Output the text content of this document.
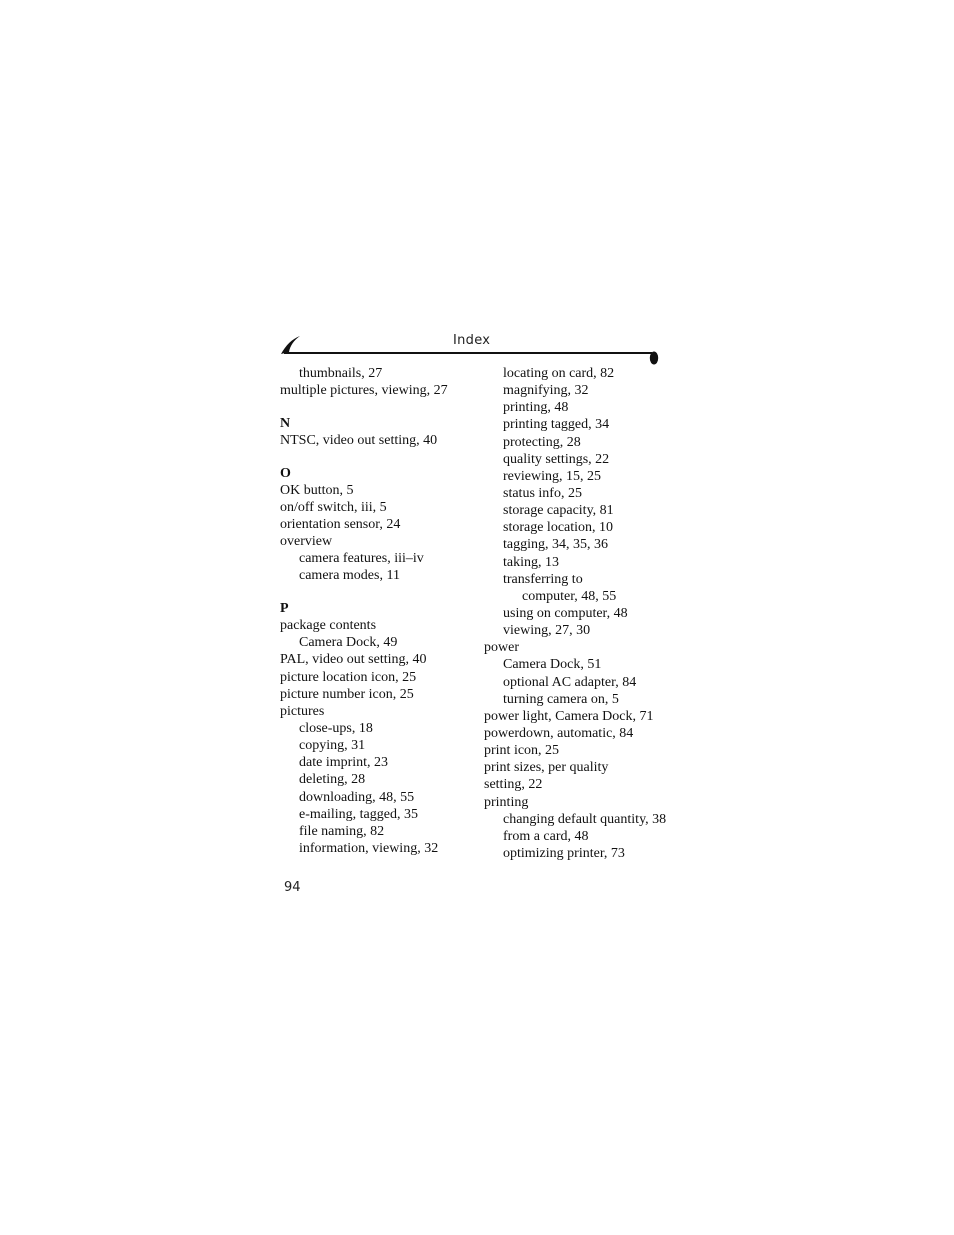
Index
thumbnails, 27
multiple pictures, viewing, 27
N
NTSC, video out setting, 40
O
OK button, 5
on/off switch, iii, 5
orientation sensor, 24
overview
camera features, iii–iv
camera modes, 11
P
package contents
Camera Dock, 49
PAL, video out setting, 40
picture location icon, 25
picture number icon, 25
pictures
close-ups, 18
copying, 31
date imprint, 23
deleting, 28
downloading, 48, 55
e-mailing, tagged, 35
file naming, 82
information, viewing, 32
locating on card, 82
magnifying, 32
printing, 48
printing tagged, 34
protecting, 28
quality settings, 22
reviewing, 15, 25
status info, 25
storage capacity, 81
storage location, 10
tagging, 34, 35, 36
taking, 13
transferring to
computer, 48, 55
using on computer, 48
viewing, 27, 30
power
Camera Dock, 51
optional AC adapter, 84
turning camera on, 5
power light, Camera Dock, 71
powerdown, automatic, 84
print icon, 25
print sizes, per quality
setting, 22
printing
changing default quantity, 38
from a card, 48
optimizing printer, 73
94
